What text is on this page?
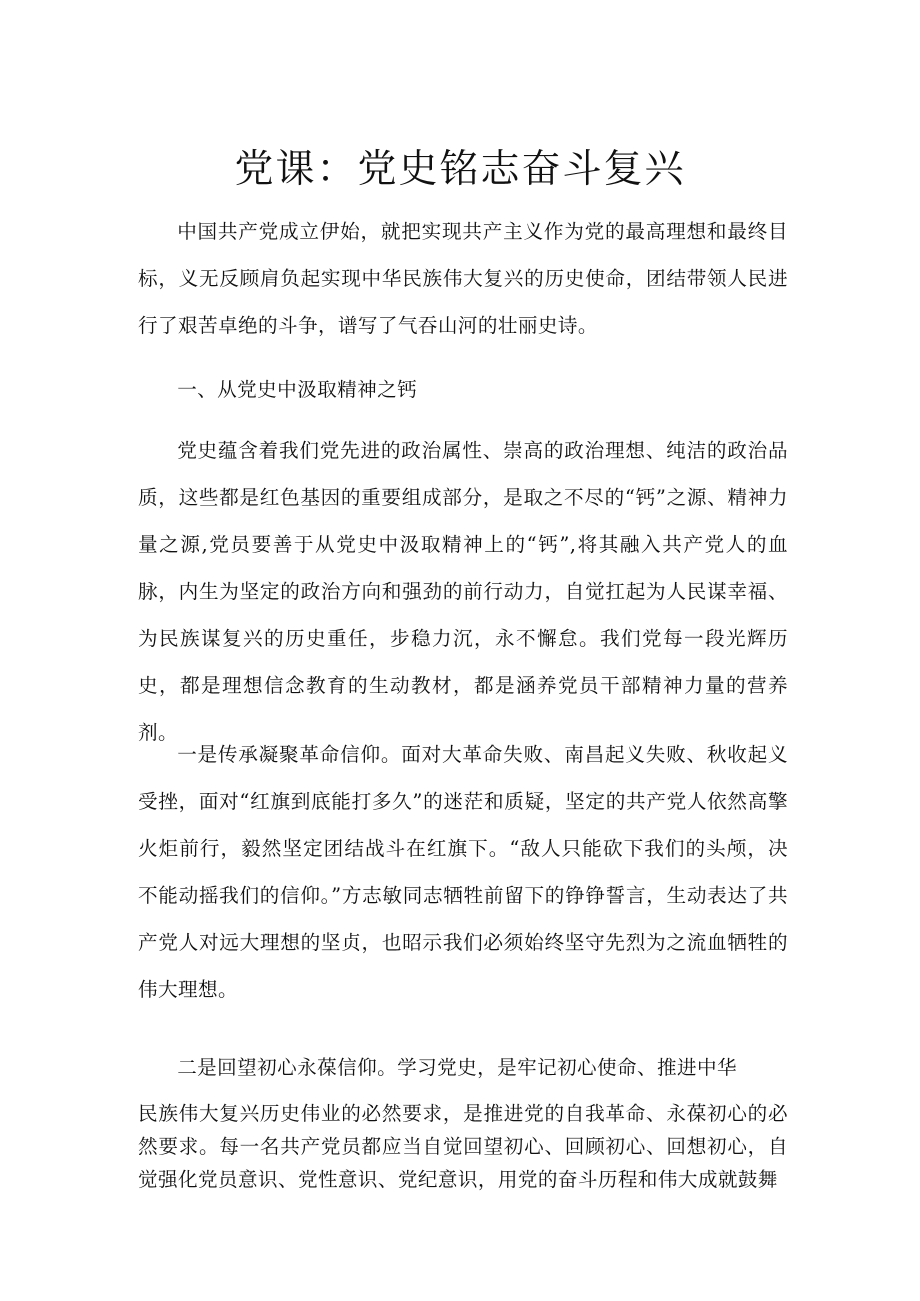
党课：党史铭志奋斗复兴

中国共产党成立伊始，就把实现共产主义作为党的最高理想和最终目标，义无反顾肩负起实现中华民族伟大复兴的历史使命，团结带领人民进行了艰苦卓绝的斗争，谱写了气吞山河的壮丽史诗。

一、从党史中汲取精神之钙

党史蕴含着我们党先进的政治属性、崇高的政治理想、纯洁的政治品质，这些都是红色基因的重要组成部分，是取之不尽的“钙”之源、精神力量之源,党员要善于从党史中汲取精神上的“钙”,将其融入共产党人的血脉，内生为坚定的政治方向和强劲的前行动力，自觉扛起为人民谋幸福、为民族谋复兴的历史重任，步稳力沉，永不懈怠。我们党每一段光辉历史，都是理想信念教育的生动教材，都是涵养党员干部精神力量的营养剂。

一是传承凝聚革命信仰。面对大革命失败、南昌起义失败、秋收起义受挫，面对“红旗到底能打多久”的迷茫和质疑，坚定的共产党人依然高擎火炬前行，毅然坚定团结战斗在红旗下。“敌人只能砍下我们的头颅，决不能动摇我们的信仰。”方志敏同志牺牲前留下的铮铮誓言，生动表达了共产党人对远大理想的坚贞，也昭示我们必须始终坚守先烈为之流血牺牲的伟大理想。

二是回望初心永葆信仰。学习党史，是牢记初心使命、推进中华

民族伟大复兴历史伟业的必然要求，是推进党的自我革命、永葆初心的必然要求。每一名共产党员都应当自觉回望初心、回顾初心、回想初心，自觉强化党员意识、党性意识、党纪意识，用党的奋斗历程和伟大成就鼓舞
